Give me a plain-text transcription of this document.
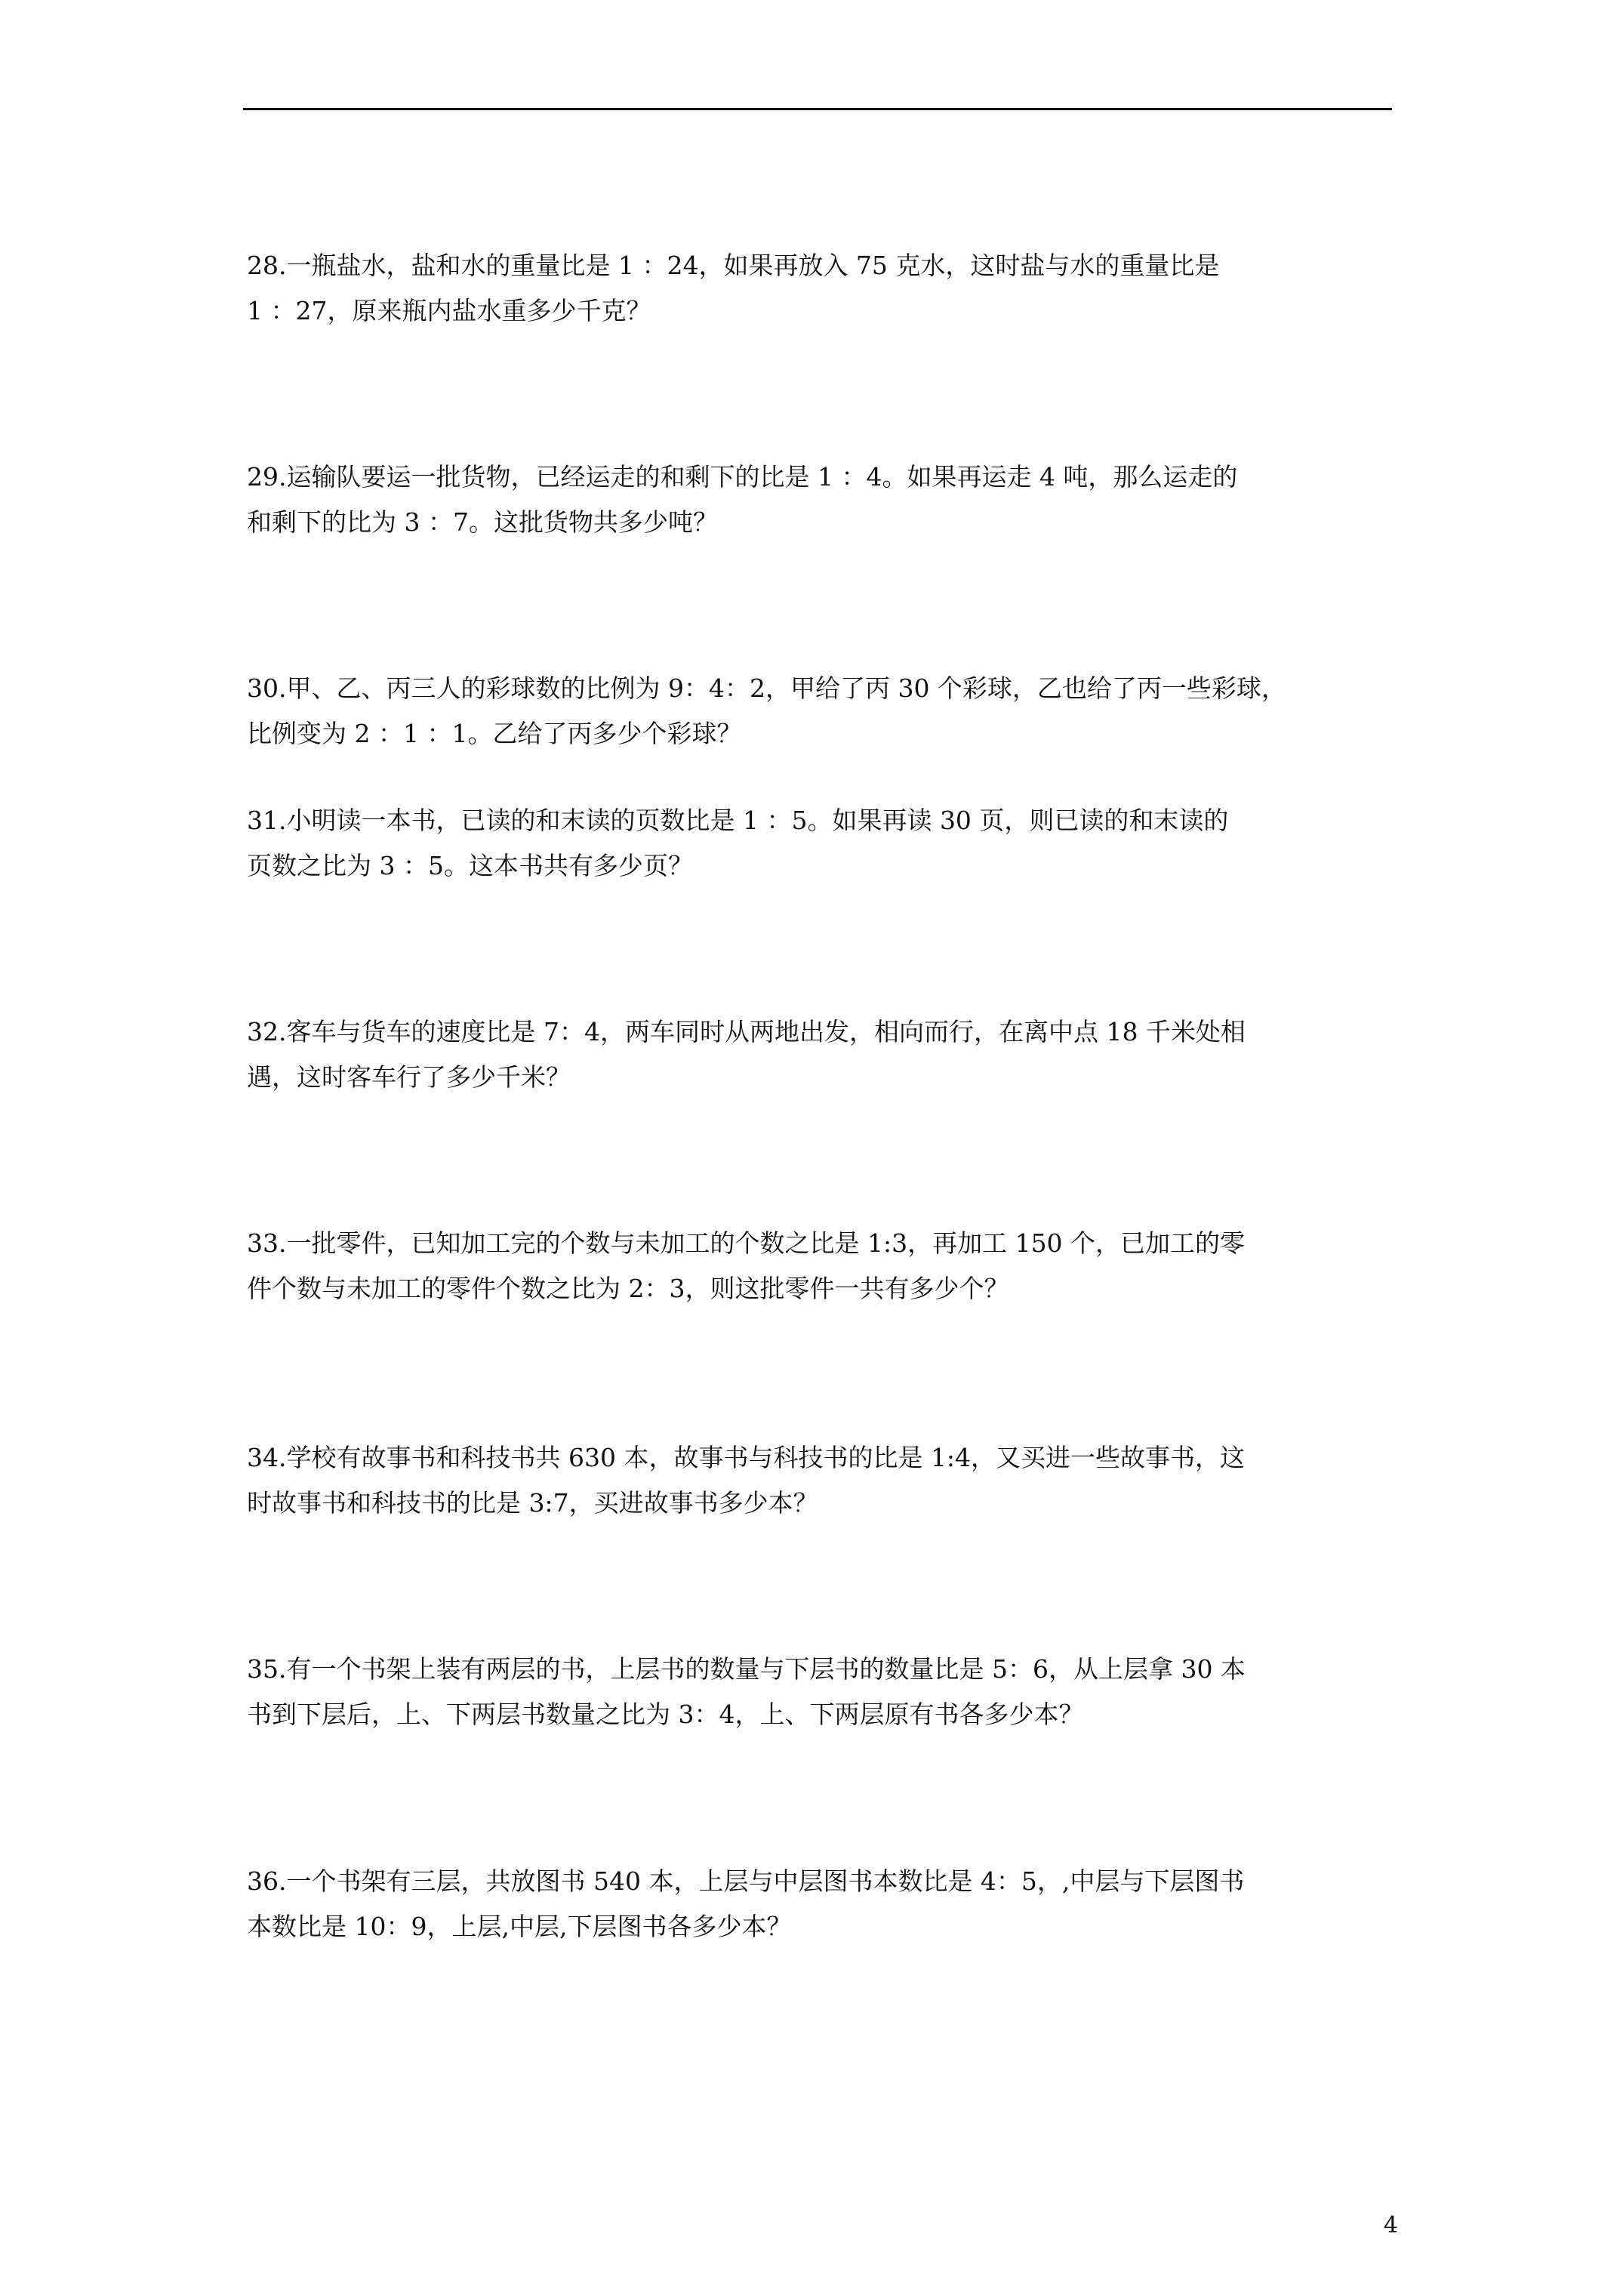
28.一瓶盐水，盐和水的重量比是 1 ：24，如果再放入 75 克水，这时盐与水的重量比是
1 ：27，原来瓶内盐水重多少千克？
29.运输队要运一批货物，已经运走的和剩下的比是 1 ：4。如果再运走 4 吨，那么运走的
和剩下的比为 3 ：7。这批货物共多少吨？
30.甲、乙、丙三人的彩球数的比例为 9：4：2，甲给了丙 30 个彩球，乙也给了丙一些彩球，
比例变为 2 ：1 ：1。乙给了丙多少个彩球？
31.小明读一本书，已读的和末读的页数比是 1 ：5。如果再读 30 页，则已读的和末读的
页数之比为 3 ：5。这本书共有多少页？
32.客车与货车的速度比是 7：4，两车同时从两地出发，相向而行，在离中点 18 千米处相
遇，这时客车行了多少千米？
33.一批零件，已知加工完的个数与未加工的个数之比是 1:3，再加工 150 个，已加工的零
件个数与未加工的零件个数之比为 2：3，则这批零件一共有多少个？
34.学校有故事书和科技书共 630 本，故事书与科技书的比是 1:4，又买进一些故事书，这
时故事书和科技书的比是 3:7，买进故事书多少本？
35.有一个书架上装有两层的书，上层书的数量与下层书的数量比是 5：6，从上层拿 30 本
书到下层后，上、下两层书数量之比为 3：4，上、下两层原有书各多少本？
36.一个书架有三层，共放图书 540 本，上层与中层图书本数比是 4：5，,中层与下层图书
本数比是 10：9，上层,中层,下层图书各多少本？
4
